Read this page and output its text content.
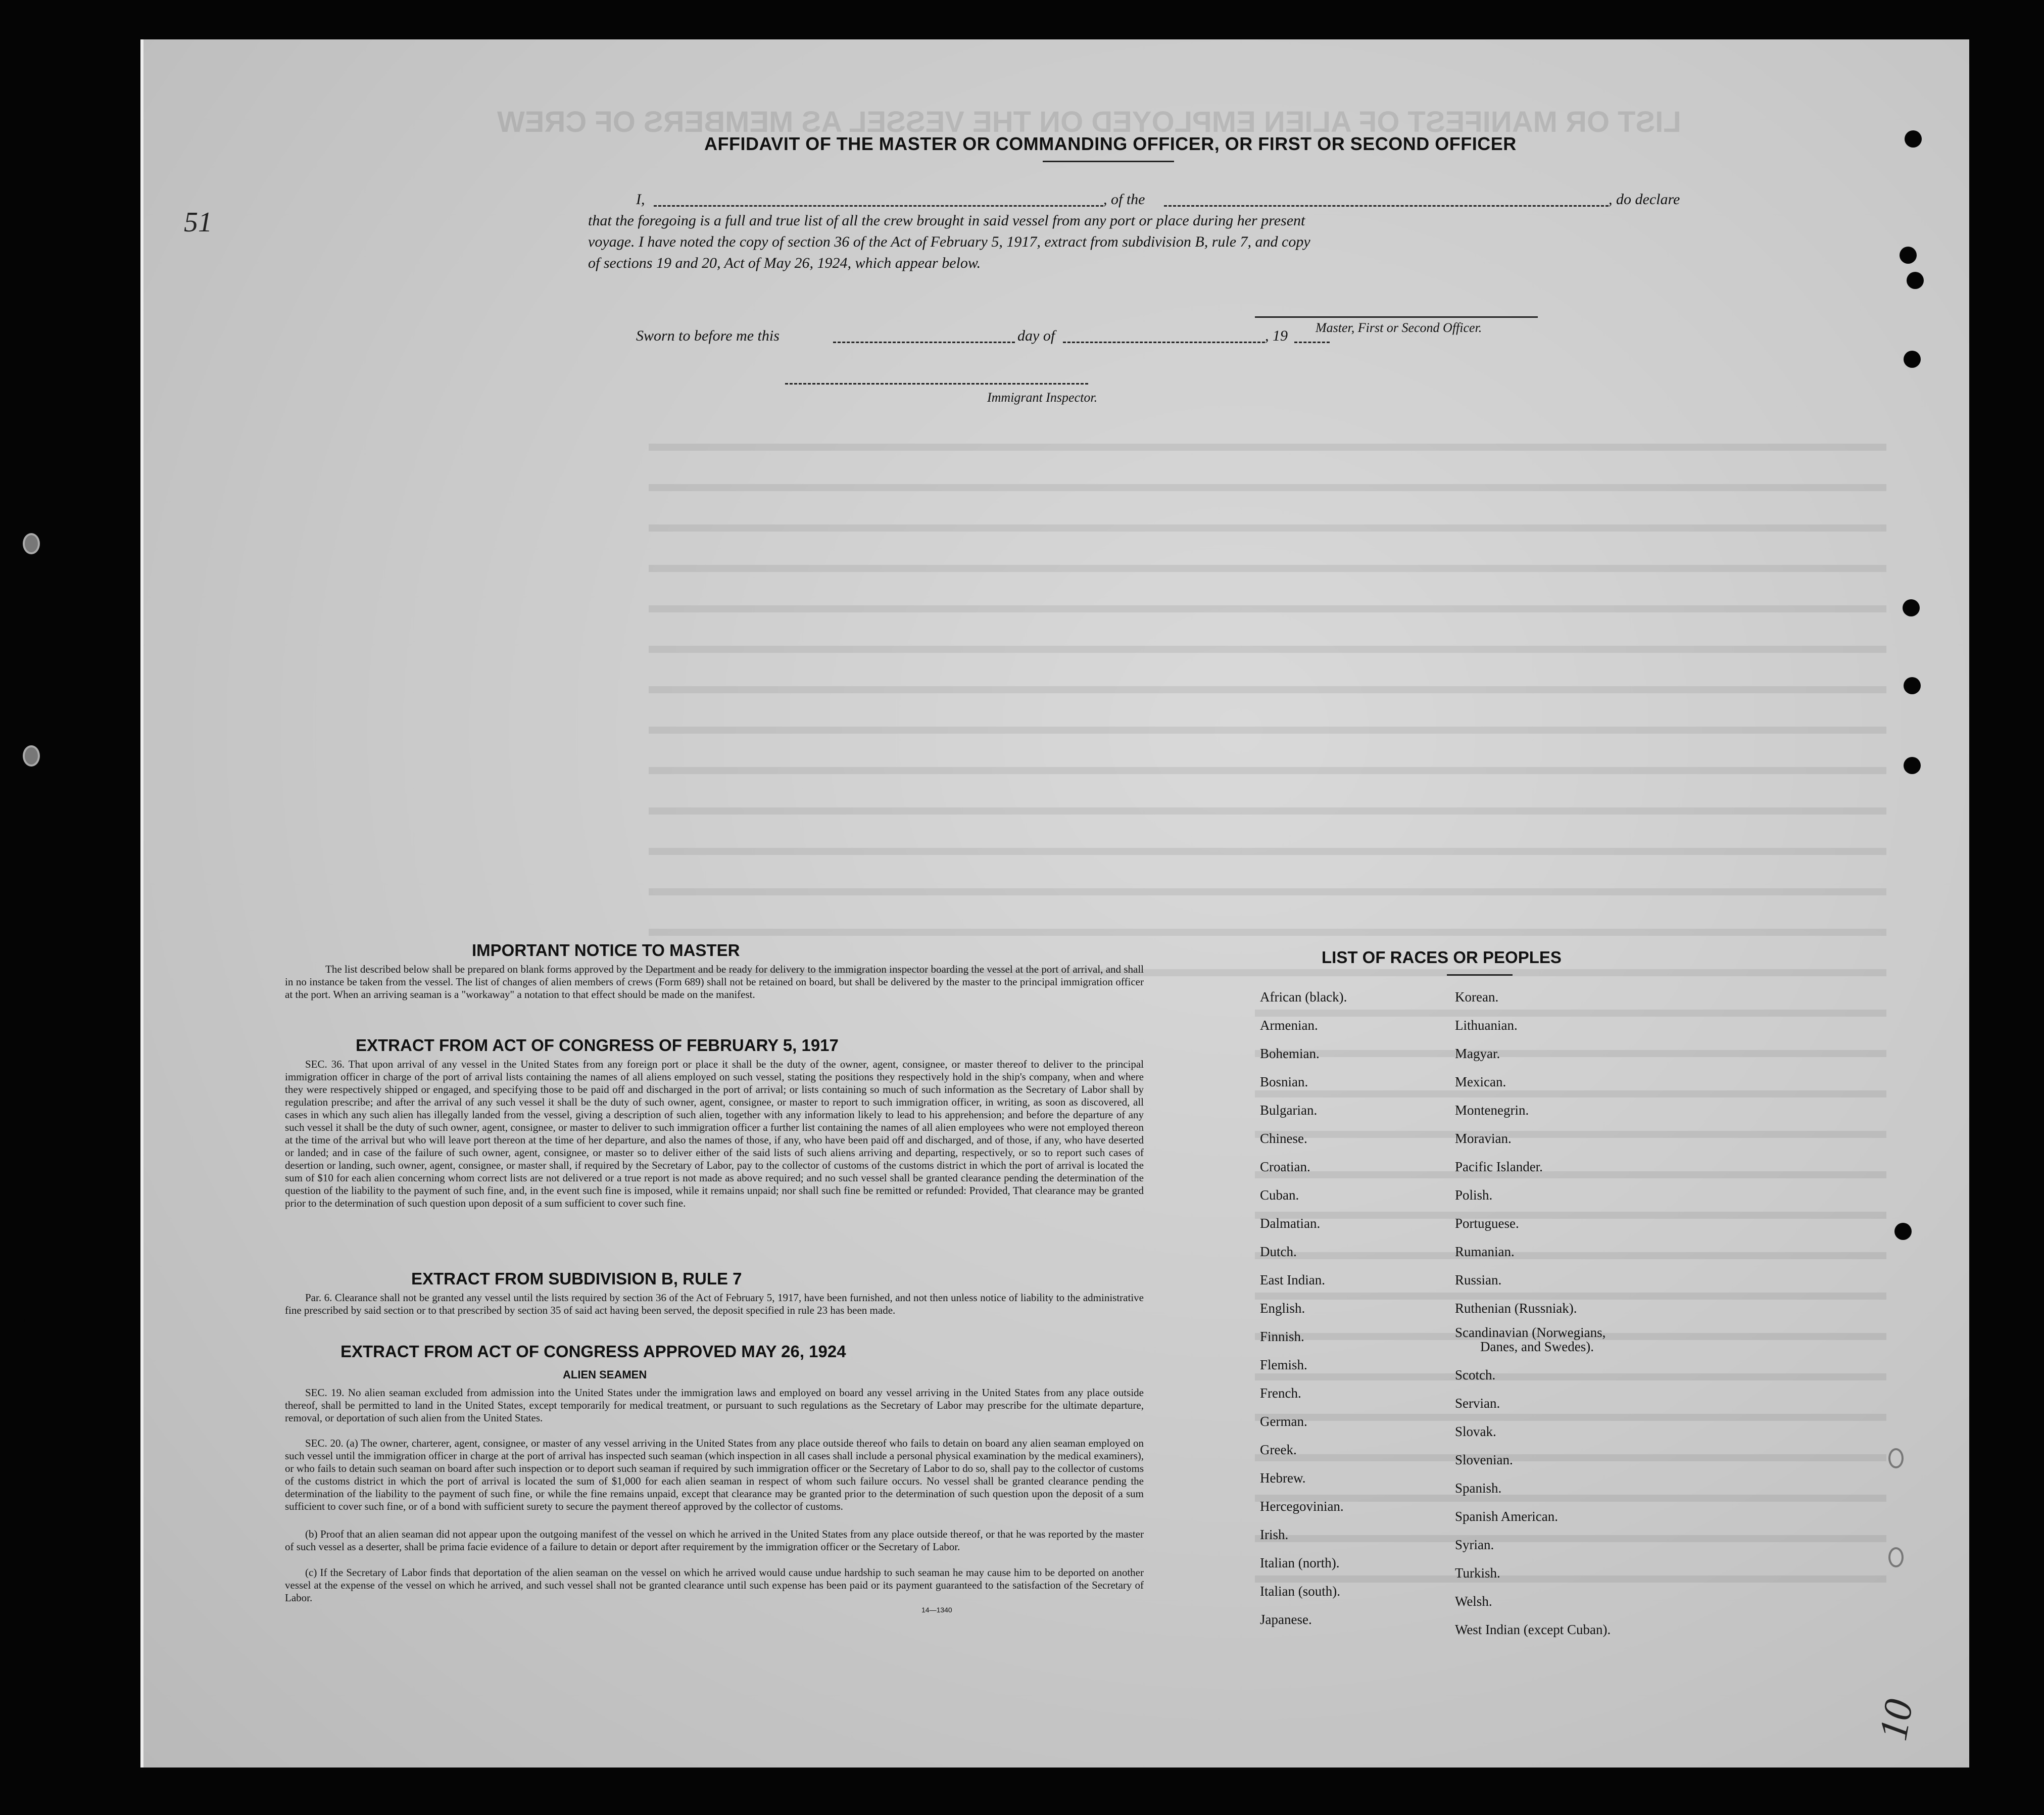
LIST OR MANIFEST OF ALIEN EMPLOYED ON THE VESSEL AS MEMBERS OF CREW
51
10
AFFIDAVIT OF THE MASTER OR COMMANDING OFFICER, OR FIRST OR SECOND OFFICER
I,	, of the	, do declare
that the foregoing is a full and true list of all the crew brought in said vessel from any port or place during her present
voyage. I have noted the copy of section 36 of the Act of February 5, 1917, extract from subdivision B, rule 7, and copy
of sections 19 and 20, Act of May 26, 1924, which appear below.
Master, First or Second Officer.
Sworn to before me this	day of	, 19
Immigrant Inspector.
IMPORTANT NOTICE TO MASTER
The list described below shall be prepared on blank forms approved by the Department and be ready for delivery to the immigration inspector boarding the vessel at the port of arrival, and shall in no instance be taken from the vessel. The list of changes of alien members of crews (Form 689) shall not be retained on board, but shall be delivered by the master to the principal immigration officer at the port. When an arriving seaman is a "workaway" a notation to that effect should be made on the manifest.
EXTRACT FROM ACT OF CONGRESS OF FEBRUARY 5, 1917
SEC. 36. That upon arrival of any vessel in the United States from any foreign port or place it shall be the duty of the owner, agent, consignee, or master thereof to deliver to the principal immigration officer in charge of the port of arrival lists containing the names of all aliens employed on such vessel, stating the positions they respectively hold in the ship's company, when and where they were respectively shipped or engaged, and specifying those to be paid off and discharged in the port of arrival; or lists containing so much of such information as the Secretary of Labor shall by regulation prescribe; and after the arrival of any such vessel it shall be the duty of such owner, agent, consignee, or master to report to such immigration officer, in writing, as soon as discovered, all cases in which any such alien has illegally landed from the vessel, giving a description of such alien, together with any information likely to lead to his apprehension; and before the departure of any such vessel it shall be the duty of such owner, agent, consignee, or master to deliver to such immigration officer a further list containing the names of all alien employees who were not employed thereon at the time of the arrival but who will leave port thereon at the time of her departure, and also the names of those, if any, who have been paid off and discharged, and of those, if any, who have deserted or landed; and in case of the failure of such owner, agent, consignee, or master so to deliver either of the said lists of such aliens arriving and departing, respectively, or so to report such cases of desertion or landing, such owner, agent, consignee, or master shall, if required by the Secretary of Labor, pay to the collector of customs of the customs district in which the port of arrival is located the sum of $10 for each alien concerning whom correct lists are not delivered or a true report is not made as above required; and no such vessel shall be granted clearance pending the determination of the question of the liability to the payment of such fine, and, in the event such fine is imposed, while it remains unpaid; nor shall such fine be remitted or refunded: Provided, That clearance may be granted prior to the determination of such question upon deposit of a sum sufficient to cover such fine.
EXTRACT FROM SUBDIVISION B, RULE 7
Par. 6. Clearance shall not be granted any vessel until the lists required by section 36 of the Act of February 5, 1917, have been furnished, and not then unless notice of liability to the administrative fine prescribed by said section or to that prescribed by section 35 of said act having been served, the deposit specified in rule 23 has been made.
EXTRACT FROM ACT OF CONGRESS APPROVED MAY 26, 1924
ALIEN SEAMEN
SEC. 19. No alien seaman excluded from admission into the United States under the immigration laws and employed on board any vessel arriving in the United States from any place outside thereof, shall be permitted to land in the United States, except temporarily for medical treatment, or pursuant to such regulations as the Secretary of Labor may prescribe for the ultimate departure, removal, or deportation of such alien from the United States.
SEC. 20. (a) The owner, charterer, agent, consignee, or master of any vessel arriving in the United States from any place outside thereof who fails to detain on board any alien seaman employed on such vessel until the immigration officer in charge at the port of arrival has inspected such seaman (which inspection in all cases shall include a personal physical examination by the medical examiners), or who fails to detain such seaman on board after such inspection or to deport such seaman if required by such immigration officer or the Secretary of Labor to do so, shall pay to the collector of customs of the customs district in which the port of arrival is located the sum of $1,000 for each alien seaman in respect of whom such failure occurs. No vessel shall be granted clearance pending the determination of the liability to the payment of such fine, or while the fine remains unpaid, except that clearance may be granted prior to the determination of such question upon the deposit of a sum sufficient to cover such fine, or of a bond with sufficient surety to secure the payment thereof approved by the collector of customs.
(b) Proof that an alien seaman did not appear upon the outgoing manifest of the vessel on which he arrived in the United States from any place outside thereof, or that he was reported by the master of such vessel as a deserter, shall be prima facie evidence of a failure to detain or deport after requirement by the immigration officer or the Secretary of Labor.
(c) If the Secretary of Labor finds that deportation of the alien seaman on the vessel on which he arrived would cause undue hardship to such seaman he may cause him to be deported on another vessel at the expense of the vessel on which he arrived, and such vessel shall not be granted clearance until such expense has been paid or its payment guaranteed to the satisfaction of the Secretary of Labor.
14—1340
LIST OF RACES OR PEOPLES
African (black).
Armenian.
Bohemian.
Bosnian.
Bulgarian.
Chinese.
Croatian.
Cuban.
Dalmatian.
Dutch.
East Indian.
English.
Finnish.
Flemish.
French.
German.
Greek.
Hebrew.
Hercegovinian.
Irish.
Italian (north).
Italian (south).
Japanese.
Korean.
Lithuanian.
Magyar.
Mexican.
Montenegrin.
Moravian.
Pacific Islander.
Polish.
Portuguese.
Rumanian.
Russian.
Ruthenian (Russniak).
Scandinavian (Norwegians,
Danes, and Swedes).
Scotch.
Servian.
Slovak.
Slovenian.
Spanish.
Spanish American.
Syrian.
Turkish.
Welsh.
West Indian (except Cuban).
